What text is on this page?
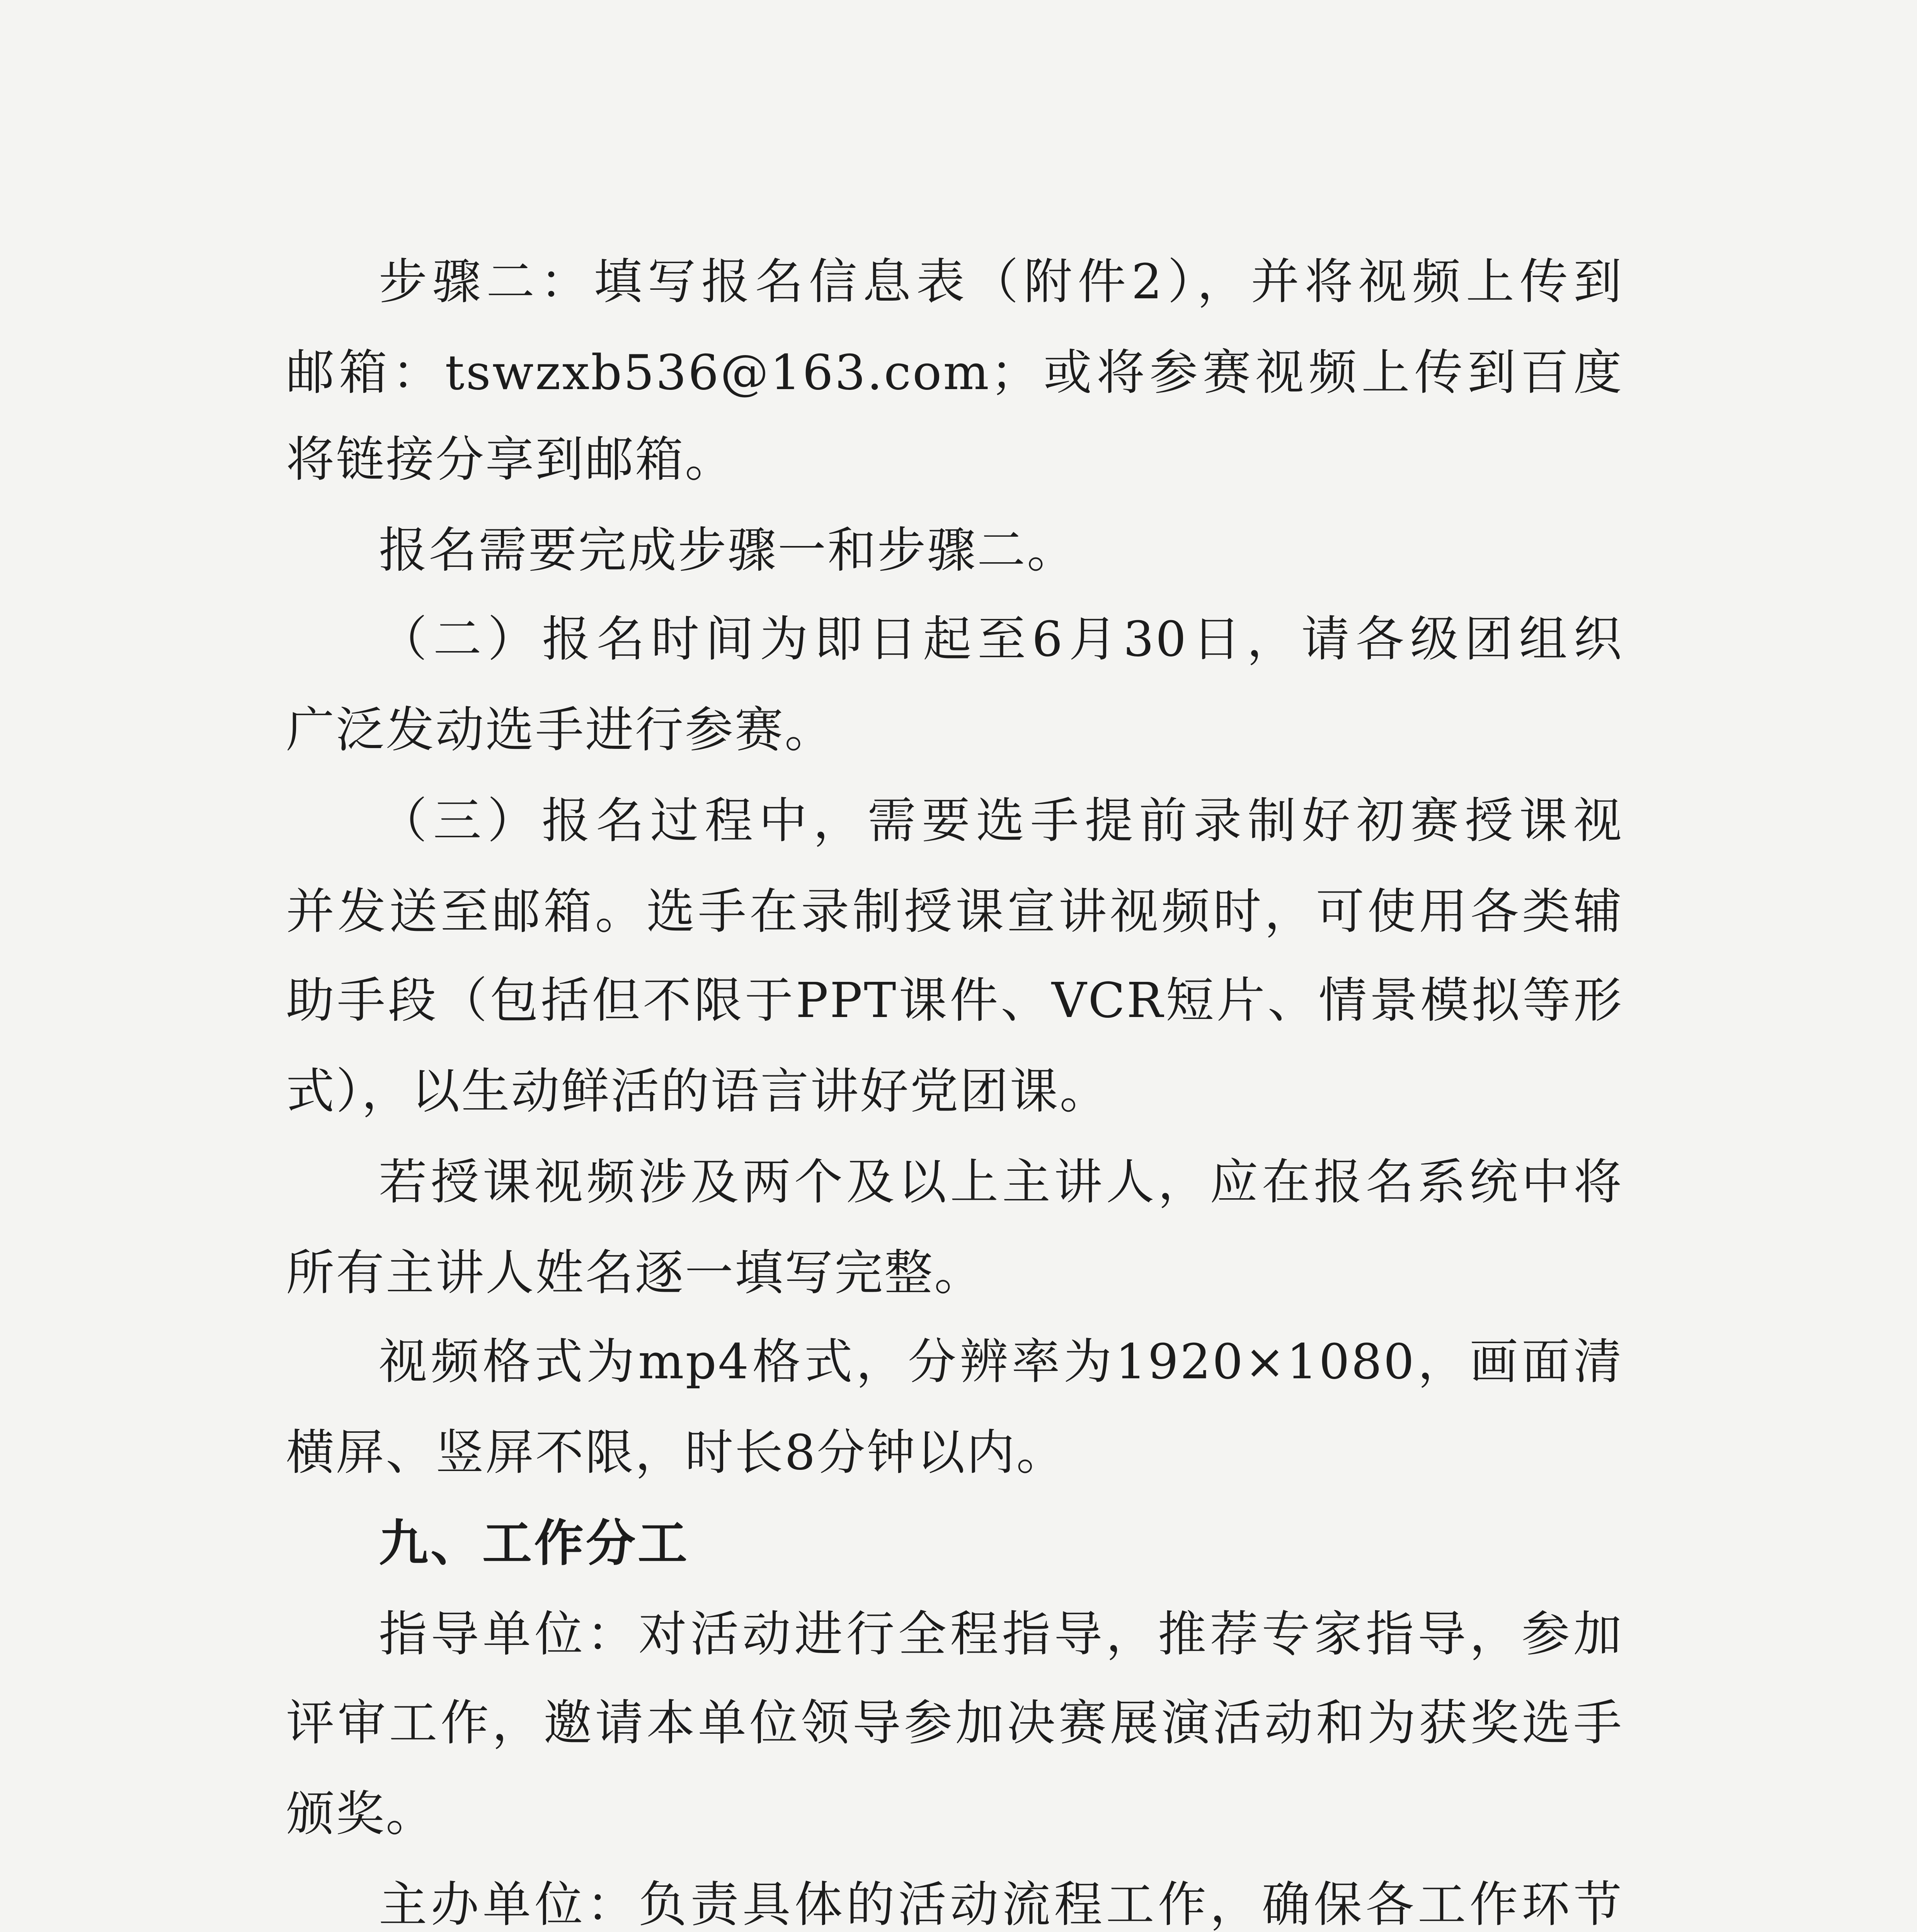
步骤二：填写报名信息表（附件2），并将视频上传到
邮箱：tswzxb536@163.com；或将参赛视频上传到百度
将链接分享到邮箱。
报名需要完成步骤一和步骤二。
（二）报名时间为即日起至6月30日，请各级团组织
广泛发动选手进行参赛。
（三）报名过程中，需要选手提前录制好初赛授课视
并发送至邮箱。选手在录制授课宣讲视频时，可使用各类辅
助手段（包括但不限于PPT课件、VCR短片、情景模拟等形
式），以生动鲜活的语言讲好党团课。
若授课视频涉及两个及以上主讲人，应在报名系统中将
所有主讲人姓名逐一填写完整。
视频格式为mp4格式，分辨率为1920×1080，画面清
横屏、竖屏不限，时长8分钟以内。
九、工作分工
指导单位：对活动进行全程指导，推荐专家指导，参加
评审工作，邀请本单位领导参加决赛展演活动和为获奖选手
颁奖。
主办单位：负责具体的活动流程工作，确保各工作环节
